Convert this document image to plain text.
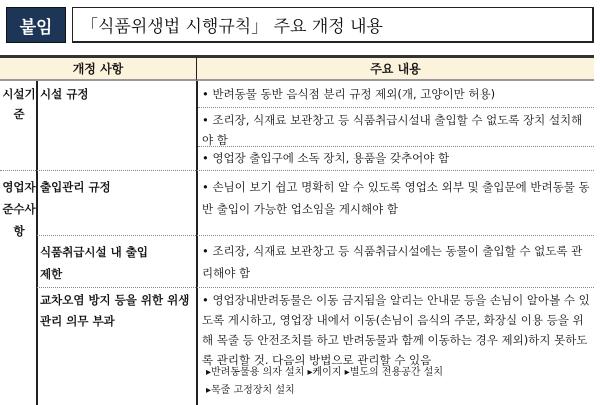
붙임	「식품위생법 시행규칙」 주요 개정 내용
개정 사항	주요 내용
시설기준
영업자 준수사항
시설 규정
출입관리 규정
식품취급시설 내 출입제한
교차오염 방지 등을 위한 위생관리 의무 부과
• 반려동물 동반 음식점 분리 규정 제외(개, 고양이만 허용)
• 조리장, 식재료 보관창고 등 식품취급시설내 출입할 수 없도록 장치 설치해야 함
• 영업장 출입구에 소독 장치, 용품을 갖추어야 함
• 손님이 보기 쉽고 명확히 알 수 있도록 영업소 외부 및 출입문에 반려동물 동반 출입이 가능한 업소임을 게시해야 함
• 조리장, 식재료 보관창고 등 식품취급시설에는 동물이 출입할 수 없도록 관리해야 함
• 영업장내반려동물은 이동 금지됨을 알리는 안내문 등을 손님이 알아볼 수 있도록 게시하고, 영업장 내에서 이동(손님이 음식의 주문, 화장실 이용 등을 위해 목줄 등 안전조치를 하고 반려동물과 함께 이동하는 경우 제외)하지 못하도록 관리할 것. 다음의 방법으로 관리할 수 있음
▸반려동물용 의자 설치 ▸케이지 ▸별도의 전용공간 설치
▸목줄 고정장치 설치
